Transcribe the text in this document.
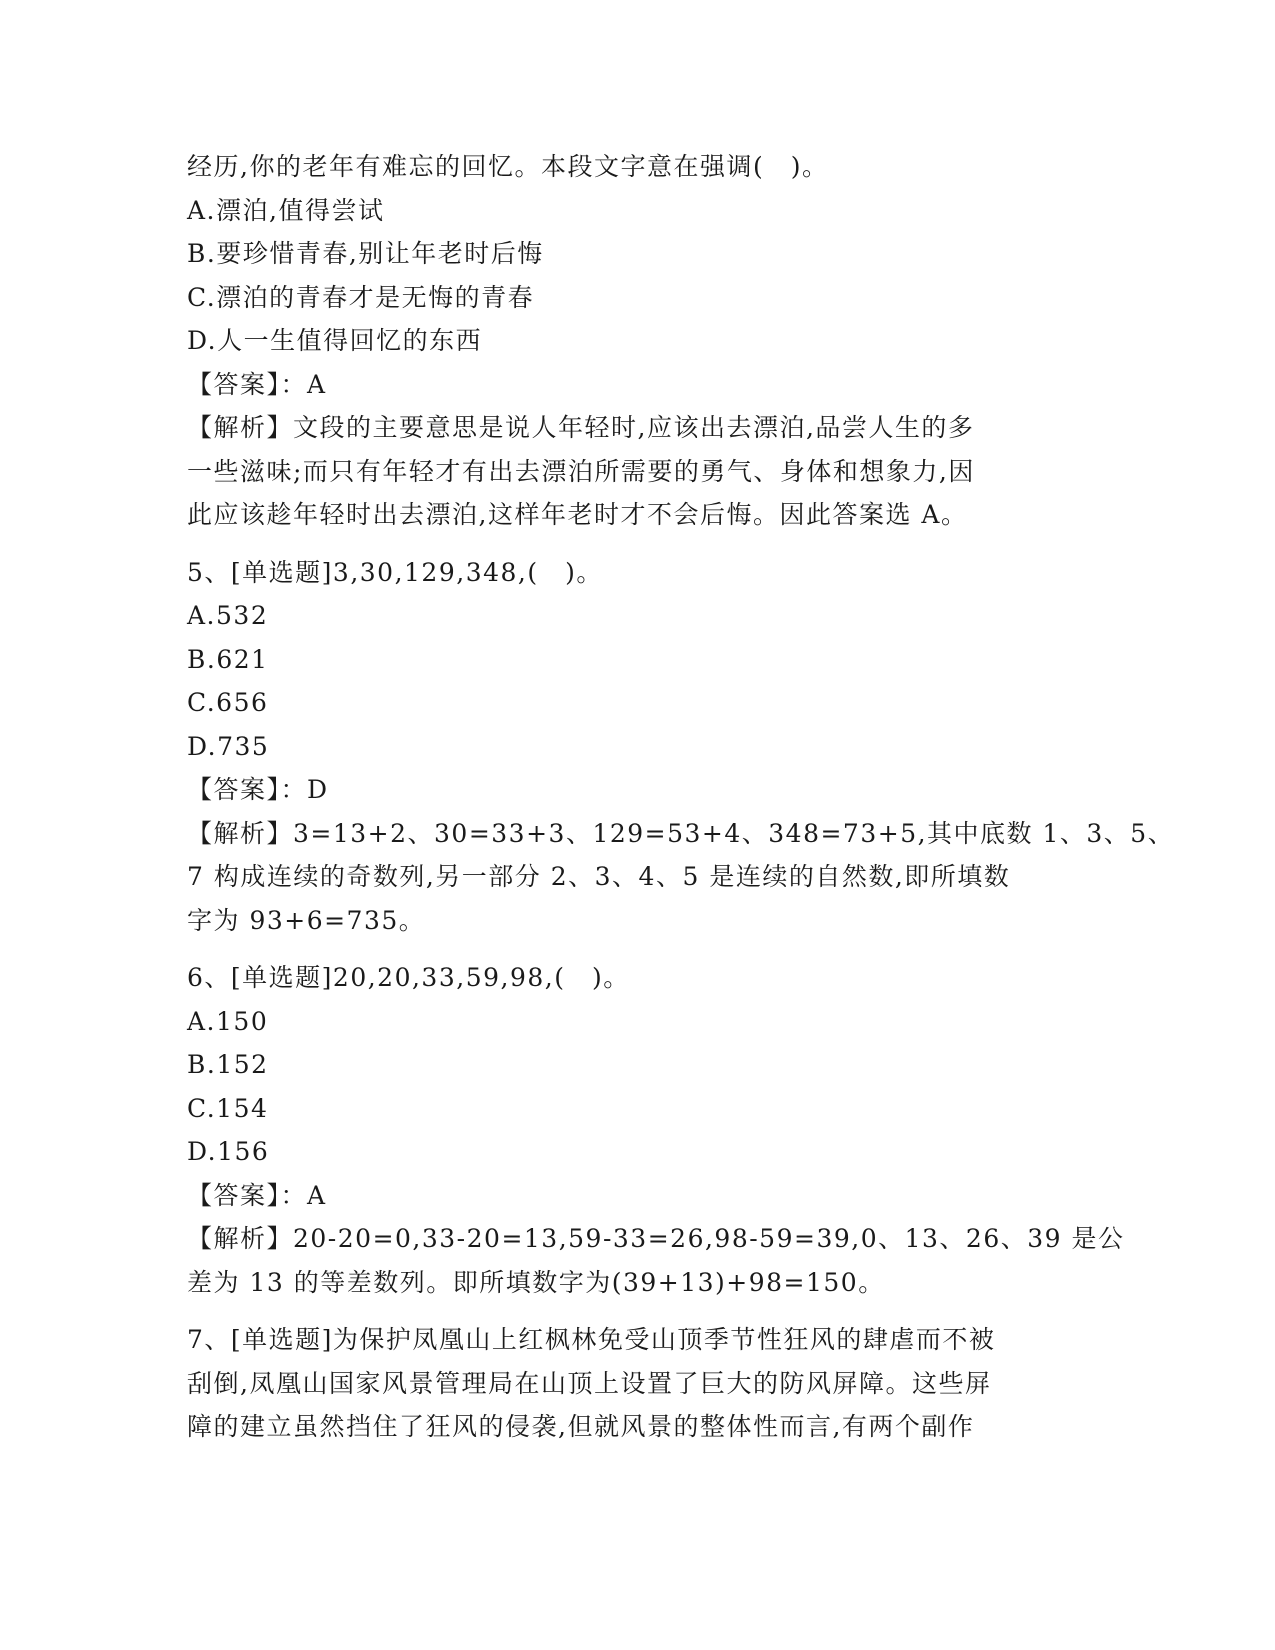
经历,你的老年有难忘的回忆。本段文字意在强调(　)。
A.漂泊,值得尝试
B.要珍惜青春,别让年老时后悔
C.漂泊的青春才是无悔的青春
D.人一生值得回忆的东西
【答案】：A
【解析】文段的主要意思是说人年轻时,应该出去漂泊,品尝人生的多
一些滋味;而只有年轻才有出去漂泊所需要的勇气、身体和想象力,因
此应该趁年轻时出去漂泊,这样年老时才不会后悔。因此答案选 A。
5、[单选题]3,30,129,348,(　)。
A.532
B.621
C.656
D.735
【答案】：D
【解析】3=13+2、30=33+3、129=53+4、348=73+5,其中底数 1、3、5、
7 构成连续的奇数列,另一部分 2、3、4、5 是连续的自然数,即所填数
字为 93+6=735。
6、[单选题]20,20,33,59,98,(　)。
A.150
B.152
C.154
D.156
【答案】：A
【解析】20-20=0,33-20=13,59-33=26,98-59=39,0、13、26、39 是公
差为 13 的等差数列。即所填数字为(39+13)+98=150。
7、[单选题]为保护凤凰山上红枫林免受山顶季节性狂风的肆虐而不被
刮倒,凤凰山国家风景管理局在山顶上设置了巨大的防风屏障。这些屏
障的建立虽然挡住了狂风的侵袭,但就风景的整体性而言,有两个副作
